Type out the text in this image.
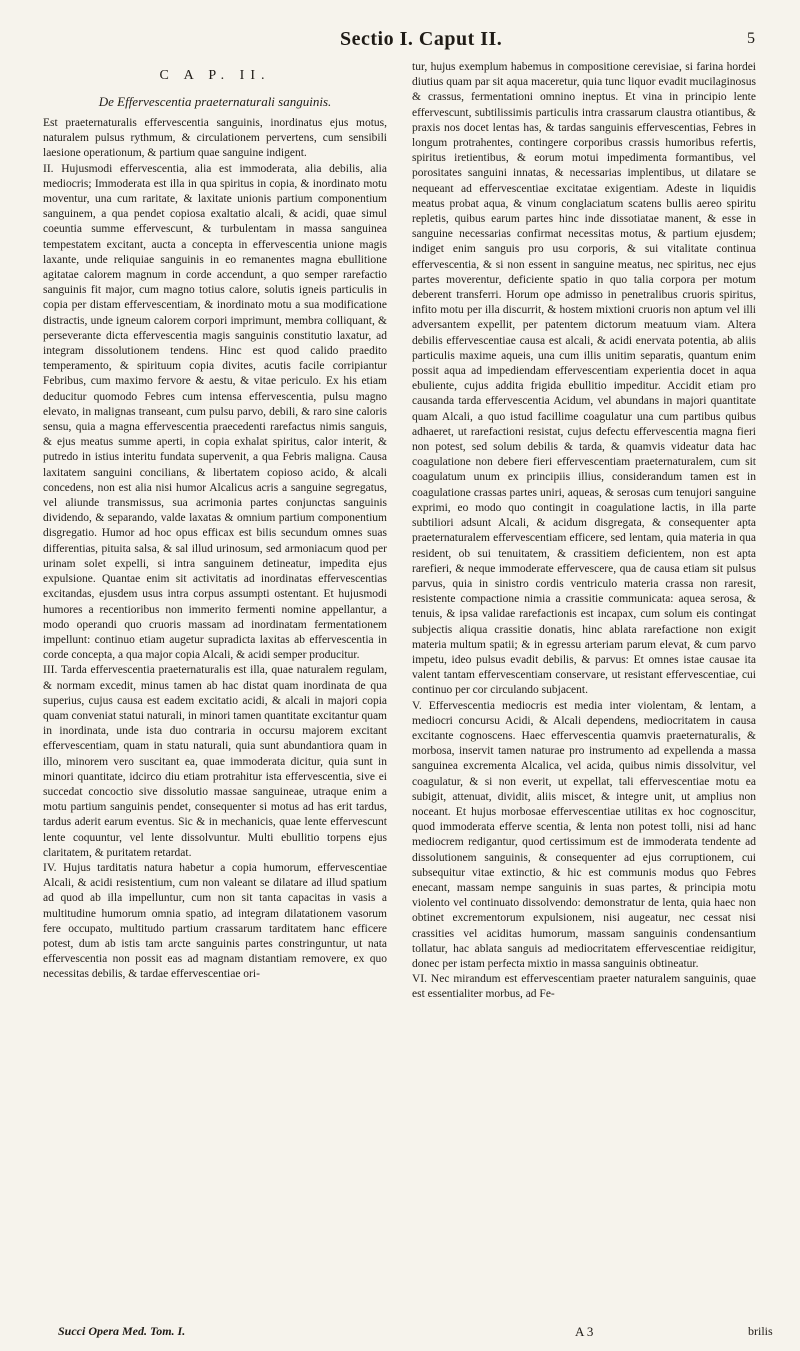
Sectio I. Caput II.	5
C A P. II.
De Effervescentia praeternaturali sanguinis.

Est praeternaturalis effervescentia sanguinis, inordinatus ejus motus, naturalem pulsus rythmum, & circulationem pervertens, cum sensibili laesione operationum, & partium quae sanguine indigent.

II. Hujusmodi effervescentia, alia est immoderata, alia debilis, alia mediocris; Immoderata est illa in qua spiritus in copia, & inordinato motu moventur, una cum raritate, & laxitate unionis partium componentium sanguinem, a qua pendet copiosa exaltatio alcali, & acidi, quae simul coeuntia summe effervescunt, & turbulentam in massa sanguinea tempestatem excitant, aucta a concepta in effervescentia unione magis laxante, unde reliquiae sanguinis in eo remanentes magna ebullitione agitatae calorem magnum in corde accendunt, a quo semper rarefactio sanguinis fit major, cum magno totius calore, solutis igneis particulis in copia per distam effervescentiam, & inordinato motu a sua modificatione distractis, unde igneum calorem corpori imprimunt, membra colliquant, & perseverante dicta effervescentia magis sanguinis constitutio laxatur, ad integram dissolutionem tendens. Hinc est quod calido praedito temperamento, & spirituum copia divites, acutis facile corripiantur Febribus, cum maximo fervore & aestu, & vitae periculo. Ex his etiam deducitur quomodo Febres cum intensa effervescentia, pulsu magno elevato, in malignas transeant, cum pulsu parvo, debili, & raro sine caloris sensu, quia a magna effervescentia praecedenti rarefactus nimis sanguis, & ejus meatus summe aperti, in copia exhalat spiritus, calor interit, & putredo in istius interitu fundata supervenit, a qua Febris maligna. Causa laxitatem sanguini concilians, & libertatem copioso acido, & alcali concedens, non est alia nisi humor Alcalicus acris a sanguine segregatus, vel aliunde transmissus, sua acrimonia partes conjunctas sanguinis dividendo, & separando, valde laxatas & omnium partium componentium disgregatio. Humor ad hoc opus efficax est bilis secundum omnes suas differentias, pituita salsa, & sal illud urinosum, sed armoniacum quod per urinam solet expelli, si intra sanguinem detineatur, impedita ejus expulsione. Quantae enim sit activitatis ad inordinatas effervescentias excitandas, ejusdem usus intra corpus assumpti ostentant. Et hujusmodi humores a recentioribus non immerito fermenti nomine appellantur, a modo operandi quo cruoris massam ad inordinatam fermentationem impellunt: continuo etiam augetur supradicta laxitas ab effervescentia in corde concepta, a qua major copia Alcali, & acidi semper producitur.

III. Tarda effervescentia praeternaturalis est illa, quae naturalem regulam, & normam excedit, minus tamen ab hac distat quam inordinata de qua superius, cujus causa est eadem excitatio acidi, & alcali in majori copia quam conveniat statui naturali, in minori tamen quantitate excitantur quam in inordinata, unde ista duo contraria in occursu majorem excitant effervescentiam, quam in statu naturali, quia sunt abundantiora quam in illo, minorem vero suscitant ea, quae immoderata dicitur, quia sunt in minori quantitate, idcirco diu etiam protrahitur ista effervescentia, sive ei succedat concoctio sive dissolutio massae sanguineae, utraque enim a motu partium sanguinis pendet, consequenter si motus ad has erit tardus, tardus aderit earum eventus. Sic & in mechanicis, quae lente effervescunt lente coquuntur, vel lente dissolvuntur. Multi ebullitio torpens ejus claritatem, & puritatem retardat.

IV. Hujus tarditatis natura habetur a copia humorum, effervescentiae Alcali, & acidi resistentium, cum non valeant se dilatare ad illud spatium ad quod ab illa impelluntur, cum non sit tanta capacitas in vasis a multitudine humorum omnia spatio, ad integram dilatationem vasorum fere occupato, multitudo partium crassarum tarditatem hanc efficere potest, dum ab istis tam arcte sanguinis partes constringuntur, ut nata effervescentia non possit eas ad magnam distantiam removere, ex quo necessitas debilis, & tardae effervescentiae ori-

tur, hujus exemplum habemus in compositione cerevisiae, si farina hordei diutius quam par sit aqua maceretur, quia tunc liquor evadit mucilaginosus & crassus, fermentationi omnino ineptus. Et vina in principio lente effervescunt, subtilissimis particulis intra crassarum claustra otiantibus, & praxis nos docet lentas has, & tardas sanguinis effervescentias, Febres in longum protrahentes, contingere corporibus crassis humoribus refertis, spiritus iretientibus, & eorum motui impedimenta formantibus, vel porositates sanguini innatas, & necessarias implentibus, ut dilatare se nequeant ad effervescentiae excitatae exigentiam. Adeste in liquidis meatus probat aqua, & vinum conglaciatum scatens bullis aereo spiritu repletis, quibus earum partes hinc inde dissotiatae manent, & esse in sanguine necessarias confirmat necessitas motus, & partium ejusdem; indiget enim sanguis pro usu corporis, & sui vitalitate continua effervescentia, & si non essent in sanguine meatus, nec spiritus, nec ejus partes moverentur, deficiente spatio in quo talia corpora per motum deberent transferri. Horum ope admisso in penetralibus cruoris spiritus, infito motu per illa discurrit, & hostem mixtioni cruoris non aptum vel illi adversantem expellit, per patentem dictorum meatuum viam. Altera debilis effervescentiae causa est alcali, & acidi enervata potentia, ab aliis particulis maxime aqueis, una cum illis unitim separatis, quantum enim possit aqua ad impediendam effervescentiam experientia docet in aqua ebuliente, cujus addita frigida ebullitio impeditur. Accidit etiam pro causanda tarda effervescentia Acidum, vel abundans in majori quantitate quam Alcali, a quo istud facillime coagulatur una cum partibus quibus adhaeret, ut rarefactioni resistat, cujus defectu effervescentia magna fieri non potest, sed solum debilis & tarda, & quamvis videatur data hac coagulatione non debere fieri effervescentiam praeternaturalem, cum sit coagulatum unum ex principiis illius, considerandum tamen est in coagulatione crassas partes uniri, aqueas, & serosas cum tenujori sanguine exprimi, eo modo quo contingit in coagulatione lactis, in illa parte subtiliori adsunt Alcali, & acidum disgregata, & consequenter apta praeternaturalem effervescentiam efficere, sed lentam, quia materia in qua resident, ob sui tenuitatem, & crassitiem deficientem, non est apta rarefieri, & neque immoderate effervescere, qua de causa etiam sit pulsus parvus, quia in sinistro cordis ventriculo materia crassa non raresit, resistente compactione nimia a crassitie communicata: aquea serosa, & tenuis, & ipsa validae rarefactionis est incapax, cum solum eis contingat subjectis aliqua crassitie donatis, hinc ablata rarefactione non exigit materia multum spatii; & in egressu arteriam parum elevat, & cum parvo impetu, ideo pulsus evadit debilis, & parvus: Et omnes istae causae ita valent tantam effervescentiam conservare, ut resistant effervescentiae, cui continuo per cor circulando subjacent.

V. Effervescentia mediocris est media inter violentam, & lentam, a mediocri concursu Acidi, & Alcali dependens, mediocritatem in causa excitante cognoscens. Haec effervescentia quamvis praeternaturalis, & morbosa, inservit tamen naturae pro instrumento ad expellenda a massa sanguinea excrementa Alcalica, vel acida, quibus nimis dissolvitur, vel coagulatur, & si non everit, ut expellat, tali effervescentiae motu ea subigit, attenuat, dividit, aliis miscet, & integre unit, ut amplius non noceant. Et hujus morbosae effervescentiae utilitas ex hoc cognoscitur, quod immoderata efferve scentia, & lenta non potest tolli, nisi ad hanc mediocrem redigantur, quod certissimum est de immoderata tendente ad dissolutionem sanguinis, & consequenter ad ejus corruptionem, cui subsequitur vitae extinctio, & hic est communis modus quo Febres enecant, massam nempe sanguinis in suas partes, & principia motu violento vel continuato dissolvendo: demonstratur de lenta, quia haec non obtinet excrementorum expulsionem, nisi augeatur, nec cessat nisi crassities vel aciditas humorum, massam sanguinis condensantium tollatur, hac ablata sanguis ad mediocritatem effervescentiae reidigitur, donec per istam perfecta mixtio in massa sanguinis obtineatur.

VI. Nec mirandum est effervescentiam praeter naturalem sanguinis, quae est essentialiter morbus, ad Fe-

Succi Opera Med. Tom. I.	A 3	brilis
